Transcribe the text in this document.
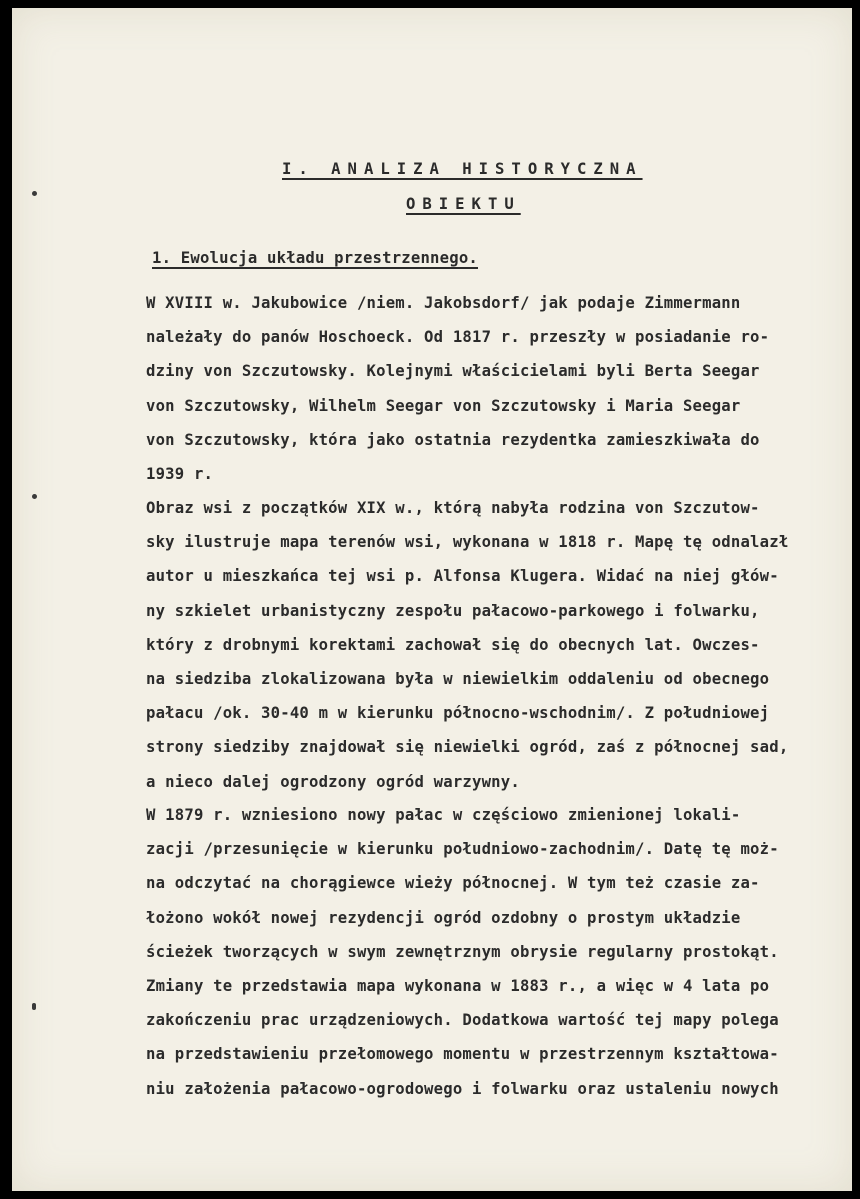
I. ANALIZA HISTORYCZNA
OBIEKTU
1. Ewolucja układu przestrzennego.
W XVIII w. Jakubowice /niem. Jakobsdorf/ jak podaje Zimmermann
należały do panów Hoschoeck. Od 1817 r. przeszły w posiadanie ro-
dziny von Szczutowsky. Kolejnymi właścicielami byli Berta Seegar
von Szczutowsky, Wilhelm Seegar von Szczutowsky i Maria Seegar
von Szczutowsky, która jako ostatnia rezydentka zamieszkiwała do
1939 r.
Obraz wsi z początków XIX w., którą nabyła rodzina von Szczutow-
sky ilustruje mapa terenów wsi, wykonana w 1818 r. Mapę tę odnalazł
autor u mieszkańca tej wsi p. Alfonsa Klugera. Widać na niej głów-
ny szkielet urbanistyczny zespołu pałacowo-parkowego i folwarku,
który z drobnymi korektami zachował się do obecnych lat. Owczes-
na siedziba zlokalizowana była w niewielkim oddaleniu od obecnego
pałacu /ok. 30-40 m w kierunku północno-wschodnim/. Z południowej
strony siedziby znajdował się niewielki ogród, zaś z północnej sad,
a nieco dalej ogrodzony ogród warzywny.
W 1879 r. wzniesiono nowy pałac w częściowo zmienionej lokali-
zacji /przesunięcie w kierunku południowo-zachodnim/. Datę tę moż-
na odczytać na chorągiewce wieży północnej. W tym też czasie za-
łożono wokół nowej rezydencji ogród ozdobny o prostym układzie
ścieżek tworzących w swym zewnętrznym obrysie regularny prostokąt.
Zmiany te przedstawia mapa wykonana w 1883 r., a więc w 4 lata po
zakończeniu prac urządzeniowych. Dodatkowa wartość tej mapy polega
na przedstawieniu przełomowego momentu w przestrzennym kształtowa-
niu założenia pałacowo-ogrodowego i folwarku oraz ustaleniu nowych
